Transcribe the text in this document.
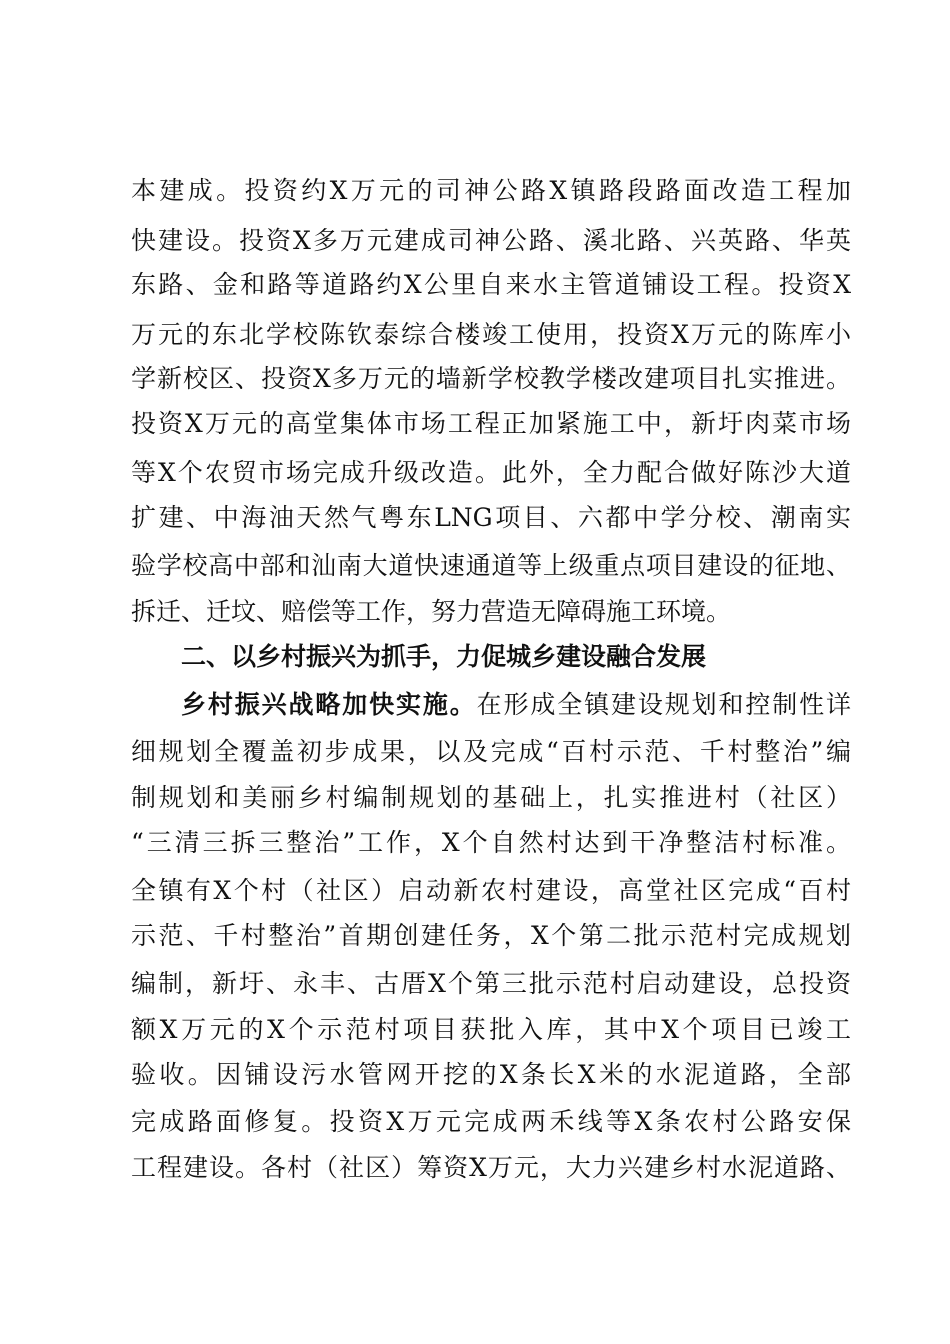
本建成。投资约X万元的司神公路X镇路段路面改造工程加
快建设。投资X多万元建成司神公路、溪北路、兴英路、华英
东路、金和路等道路约X公里自来水主管道铺设工程。投资X
万元的东北学校陈钦泰综合楼竣工使用，投资X万元的陈库小
学新校区、投资X多万元的墙新学校教学楼改建项目扎实推进。
投资X万元的高堂集体市场工程正加紧施工中，新圩肉菜市场
等X个农贸市场完成升级改造。此外，全力配合做好陈沙大道
扩建、中海油天然气粤东LNG项目、六都中学分校、潮南实
验学校高中部和汕南大道快速通道等上级重点项目建设的征地、
拆迁、迁坟、赔偿等工作，努力营造无障碍施工环境。
二、以乡村振兴为抓手，力促城乡建设融合发展
乡村振兴战略加快实施。在形成全镇建设规划和控制性详
细规划全覆盖初步成果，以及完成“百村示范、千村整治”编
制规划和美丽乡村编制规划的基础上，扎实推进村（社区）
“三清三拆三整治”工作，X个自然村达到干净整洁村标准。
全镇有X个村（社区）启动新农村建设，高堂社区完成“百村
示范、千村整治”首期创建任务，X个第二批示范村完成规划
编制，新圩、永丰、古厝X个第三批示范村启动建设，总投资
额X万元的X个示范村项目获批入库，其中X个项目已竣工
验收。因铺设污水管网开挖的X条长X米的水泥道路，全部
完成路面修复。投资X万元完成两禾线等X条农村公路安保
工程建设。各村（社区）筹资X万元，大力兴建乡村水泥道路、
